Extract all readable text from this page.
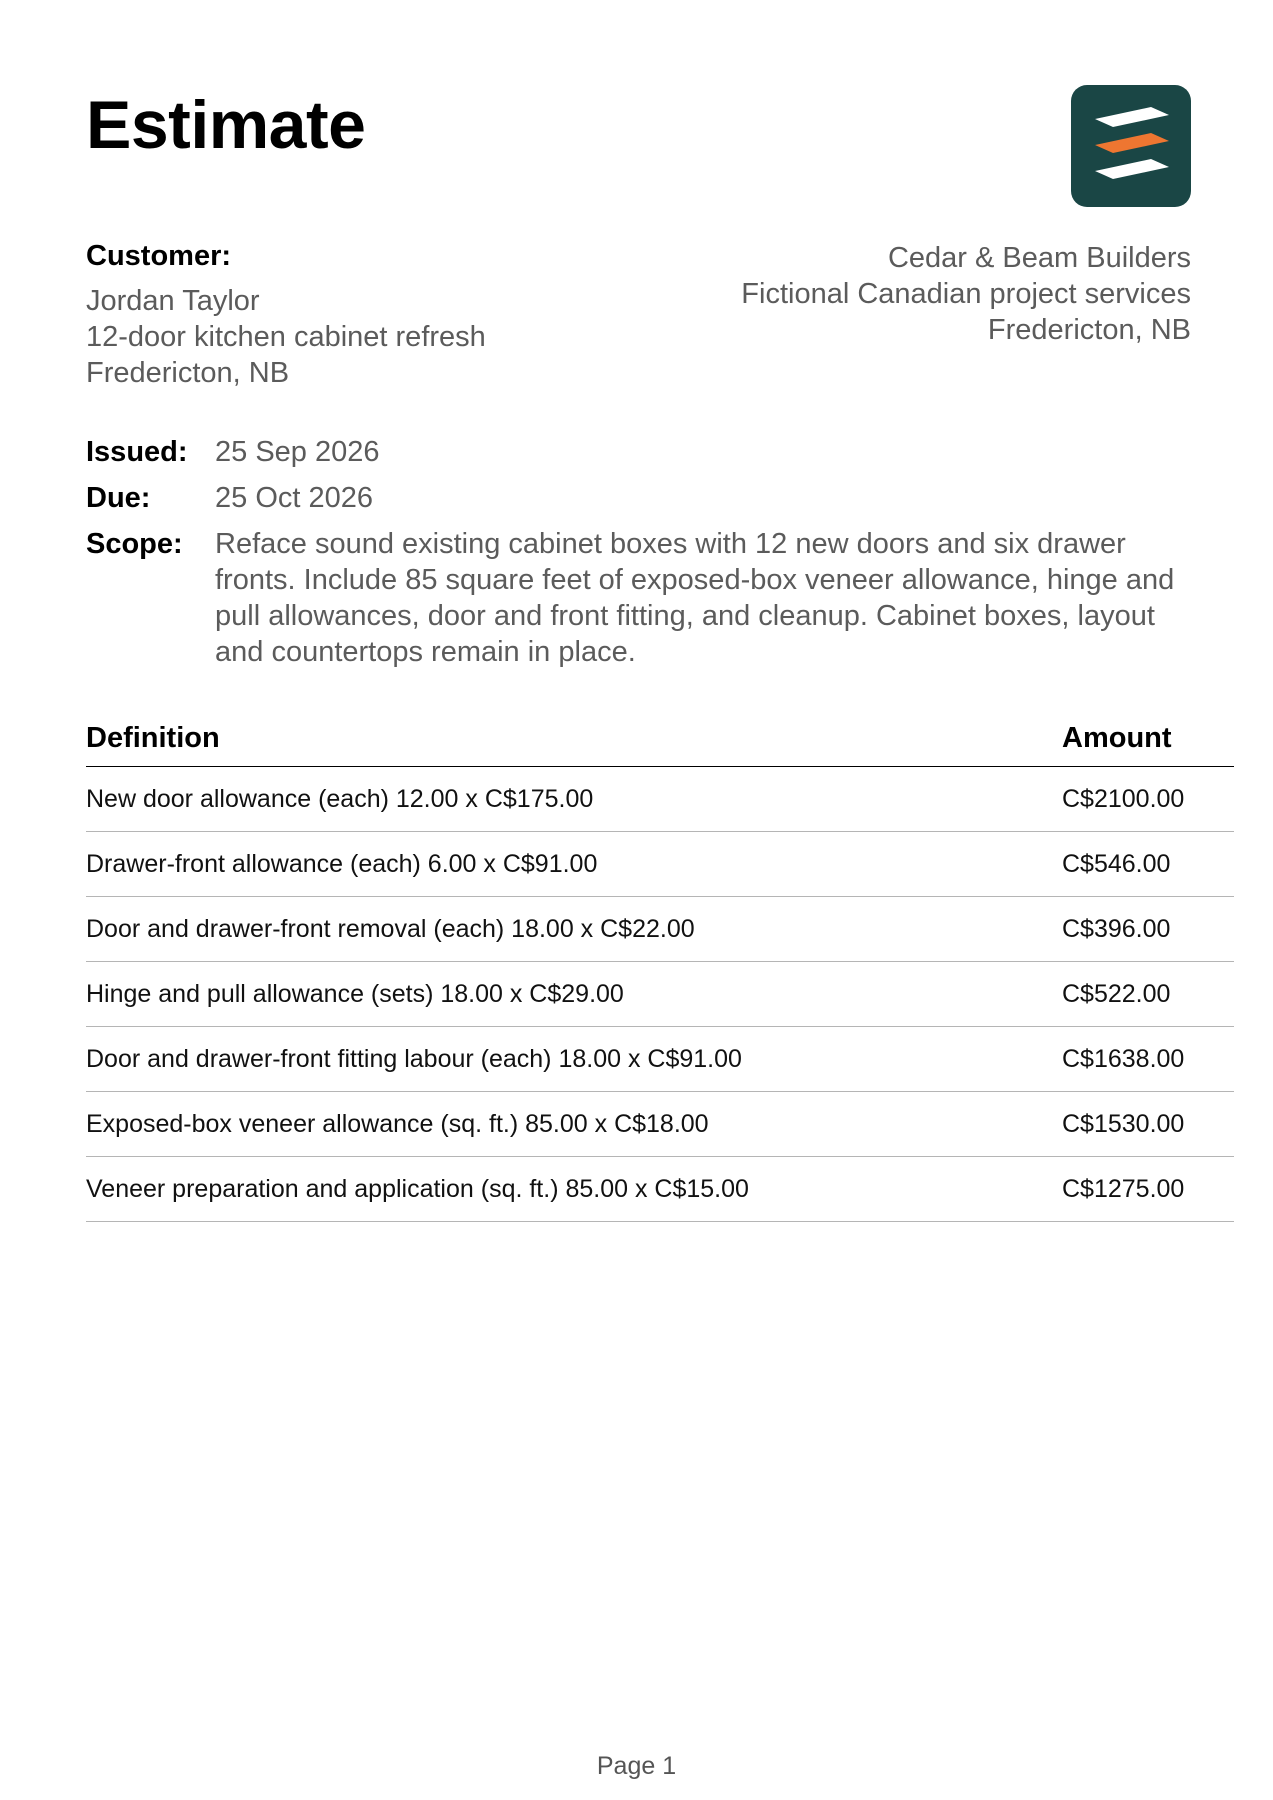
Estimate
Customer:
Jordan Taylor
12-door kitchen cabinet refresh
Fredericton, NB
Cedar & Beam Builders
Fictional Canadian project services
Fredericton, NB
Issued: 25 Sep 2026
Due:	25 Oct 2026
Scope:	Reface sound existing cabinet boxes with 12 new doors and six drawer fronts. Include 85 square feet of exposed-box veneer allowance, hinge and pull allowances, door and front fitting, and cleanup. Cabinet boxes, layout and countertops remain in place.
Definition	Amount
New door allowance (each) 12.00 x C$175.00	C$2100.00
Drawer-front allowance (each) 6.00 x C$91.00	C$546.00
Door and drawer-front removal (each) 18.00 x C$22.00	C$396.00
Hinge and pull allowance (sets) 18.00 x C$29.00	C$522.00
Door and drawer-front fitting labour (each) 18.00 x C$91.00	C$1638.00
Exposed-box veneer allowance (sq. ft.) 85.00 x C$18.00	C$1530.00
Veneer preparation and application (sq. ft.) 85.00 x C$15.00	C$1275.00
Page 1
